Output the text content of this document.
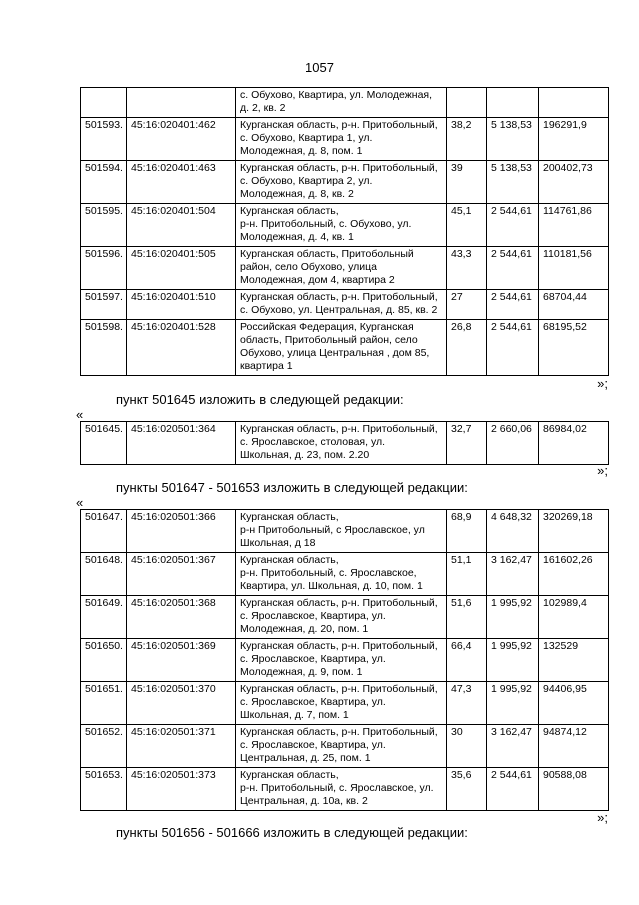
1057

		с. Обухово, Квартира, ул. Молодежная,
д. 2, кв. 2			

501593.	45:16:020401:462	Курганская область, р-н. Притобольный,
с. Обухово, Квартира 1, ул.
Молодежная, д. 8, пом. 1	38,2	5 138,53	196291,9
501594.	45:16:020401:463	Курганская область, р-н. Притобольный,
с. Обухово, Квартира 2, ул.
Молодежная, д. 8, кв. 2	39	5 138,53	200402,73
501595.	45:16:020401:504	Курганская область,
р-н. Притобольный, с. Обухово, ул.
Молодежная, д. 4, кв. 1	45,1	2 544,61	114761,86
501596.	45:16:020401:505	Курганская область, Притобольный
район, село Обухово, улица
Молодежная, дом 4, квартира 2	43,3	2 544,61	110181,56
501597.	45:16:020401:510	Курганская область, р-н. Притобольный,
с. Обухово, ул. Центральная, д. 85, кв. 2	27	2 544,61	68704,44
501598.	45:16:020401:528	Российская Федерация, Курганская
область, Притобольный район, село
Обухово, улица Центральная , дом 85,
квартира 1	26,8	2 544,61	68195,52
»;
пункт 501645 изложить в следующей редакции:
«
501645.	45:16:020501:364	Курганская область, р-н. Притобольный,
с. Ярославское, столовая, ул.
Школьная, д. 23, пом. 2.20
	32,7	2 660,06	86984,02
»;
пункты 501647 - 501653 изложить в следующей редакции:
«
501647.	45:16:020501:366	Курганская область,
р-н Притобольный, с Ярославское, ул
Школьная, д 18	68,9	4 648,32	320269,18
501648.	45:16:020501:367	Курганская область,
р-н. Притобольный, с. Ярославское,
Квартира, ул. Школьная, д. 10, пом. 1	51,1	3 162,47	161602,26
501649.	45:16:020501:368	Курганская область, р-н. Притобольный,
с. Ярославское, Квартира, ул.
Молодежная, д. 20, пом. 1	51,6	1 995,92	102989,4
501650.	45:16:020501:369	Курганская область, р-н. Притобольный,
с. Ярославское, Квартира, ул.
Молодежная, д. 9, пом. 1	66,4	1 995,92	132529
501651.	45:16:020501:370	Курганская область, р-н. Притобольный,
с. Ярославское, Квартира, ул.
Школьная, д. 7, пом. 1	47,3	1 995,92	94406,95
501652.	45:16:020501:371	Курганская область, р-н. Притобольный,
с. Ярославское, Квартира, ул.
Центральная, д. 25, пом. 1	30	3 162,47	94874,12
501653.	45:16:020501:373	Курганская область,
р-н. Притобольный, с. Ярославское, ул.
Центральная, д. 10а, кв. 2	35,6	2 544,61	90588,08
»;
пункты 501656 - 501666 изложить в следующей редакции:
